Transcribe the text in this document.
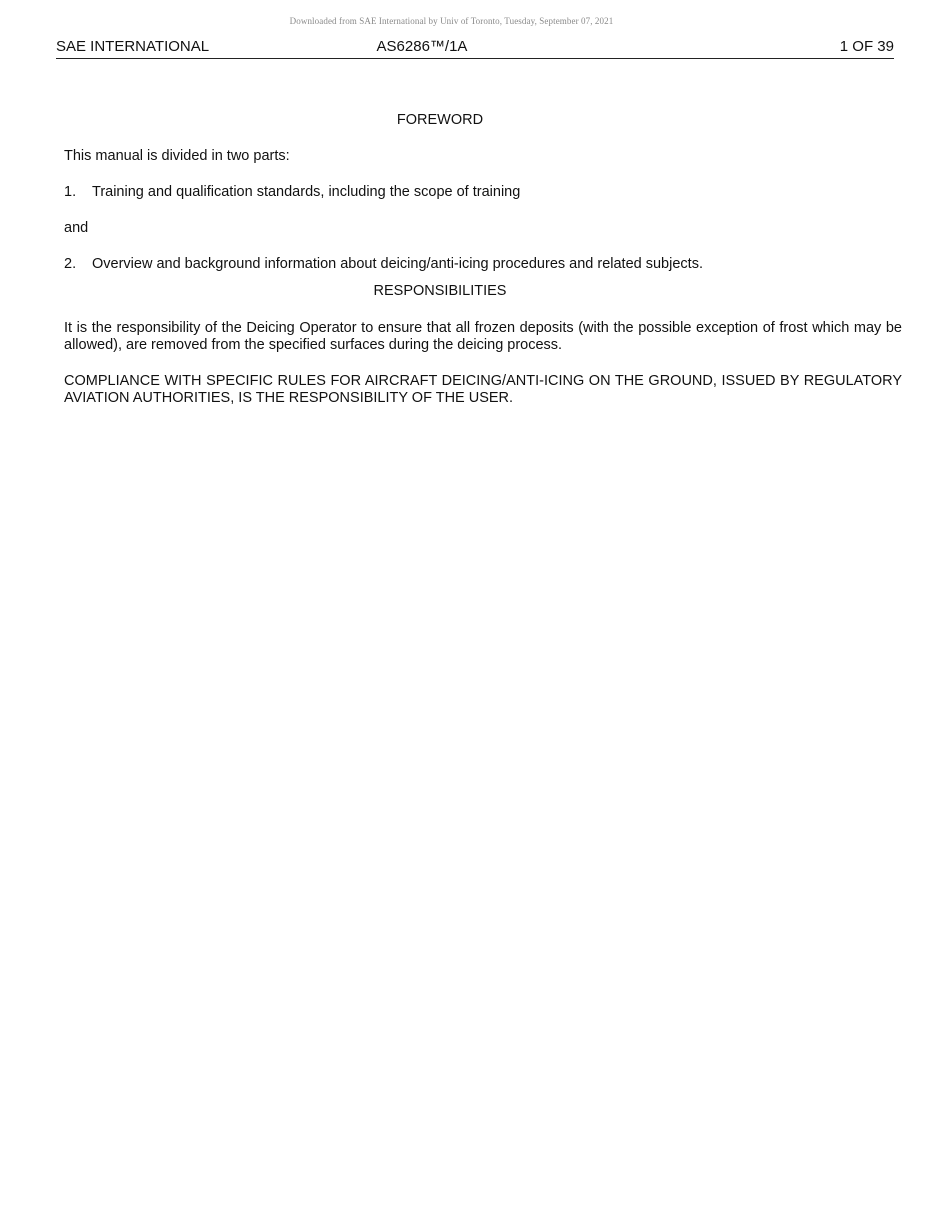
Downloaded from SAE International by Univ of Toronto, Tuesday, September 07, 2021
SAE INTERNATIONAL	AS6286™/1A	1 OF 39
FOREWORD

This manual is divided in two parts:

1.	Training and qualification standards, including the scope of training

and

2.	Overview and background information about deicing/anti-icing procedures and related subjects.
RESPONSIBILITIES

It is the responsibility of the Deicing Operator to ensure that all frozen deposits (with the possible exception of frost which may be allowed), are removed from the specified surfaces during the deicing process.

COMPLIANCE WITH SPECIFIC RULES FOR AIRCRAFT DEICING/ANTI-ICING ON THE GROUND, ISSUED BY REGULATORY AVIATION AUTHORITIES, IS THE RESPONSIBILITY OF THE USER.
